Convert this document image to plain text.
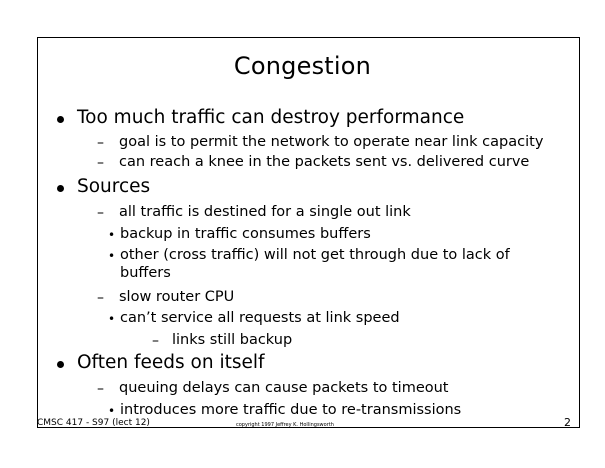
Congestion
Too much traffic can destroy performance
– goal is to permit the network to operate near link capacity
– can reach a knee in the packets sent vs. delivered curve
Sources
– all traffic is destined for a single out link
• backup in traffic consumes buffers
• other (cross traffic) will not get through due to lack of
buffers
– slow router CPU
• can’t service all requests at link speed
– links still backup
Often feeds on itself
– queuing delays can cause packets to timeout
• introduces more traffic due to re-transmissions
CMSC 417 - S97 (lect 12)	copyright 1997 Jeffrey K. Hollingsworth	2
